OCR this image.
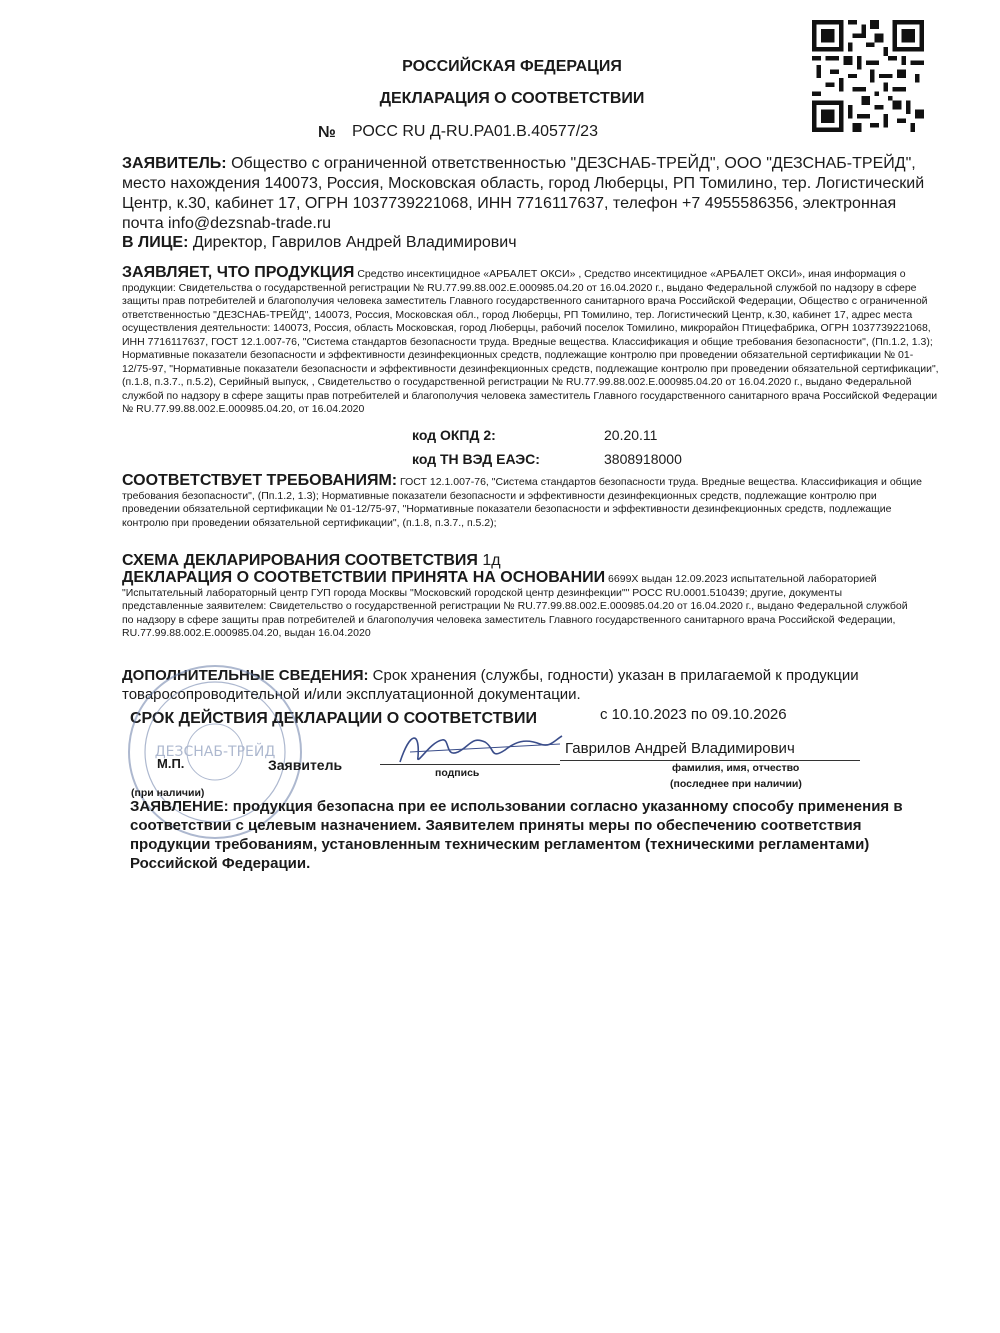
РОССИЙСКАЯ ФЕДЕРАЦИЯ
ДЕКЛАРАЦИЯ О СООТВЕТСТВИИ
№ РОСС RU Д-RU.РА01.В.40577/23
ЗАЯВИТЕЛЬ: Общество с ограниченной ответственностью "ДЕЗСНАБ-ТРЕЙД", ООО "ДЕЗСНАБ-ТРЕЙД", место нахождения 140073, Россия, Московская область, город Люберцы, РП Томилино, тер. Логистический Центр, к.30, кабинет 17, ОГРН 1037739221068, ИНН 7716117637, телефон +7 4955586356, электронная почта info@dezsnab-trade.ru
В ЛИЦЕ: Директор, Гаврилов Андрей Владимирович
ЗАЯВЛЯЕТ, ЧТО ПРОДУКЦИЯ Средство инсектицидное «АРБАЛЕТ ОКСИ» , Средство инсектицидное «АРБАЛЕТ ОКСИ», иная информация о продукции: Свидетельства о государственной регистрации № RU.77.99.88.002.Е.000985.04.20 от 16.04.2020 г., выдано Федеральной службой по надзору в сфере защиты прав потребителей и благополучия человека заместитель Главного государственного санитарного врача Российской Федерации, Общество с ограниченной ответственностью "ДЕЗСНАБ-ТРЕЙД", 140073, Россия, Московская обл., город Люберцы, РП Томилино, тер. Логистический Центр, к.30, кабинет 17, адрес места осуществления деятельности: 140073, Россия, область Московская, город Люберцы, рабочий поселок Томилино, микрорайон Птицефабрика, ОГРН 1037739221068, ИНН 7716117637, ГОСТ 12.1.007-76, "Система стандартов безопасности труда. Вредные вещества. Классификация и общие требования безопасности", (Пп.1.2, 1.3); Нормативные показатели безопасности и эффективности дезинфекционных средств, подлежащие контролю при проведении обязательной сертификации № 01-12/75-97, "Нормативные показатели безопасности и эффективности дезинфекционных средств, подлежащие контролю при проведении обязательной сертификации", (п.1.8, п.3.7., п.5.2), Серийный выпуск, , Свидетельство о государственной регистрации № RU.77.99.88.002.Е.000985.04.20 от 16.04.2020 г., выдано Федеральной службой по надзору в сфере защиты прав потребителей и благополучия человека заместитель Главного государственного санитарного врача Российской Федерации № RU.77.99.88.002.Е.000985.04.20, от 16.04.2020
код ОКПД 2:	20.20.11
код ТН ВЭД ЕАЭС:	3808918000
СООТВЕТСТВУЕТ ТРЕБОВАНИЯМ: ГОСТ 12.1.007-76, "Система стандартов безопасности труда. Вредные вещества. Классификация и общие требования безопасности", (Пп.1.2, 1.3); Нормативные показатели безопасности и эффективности дезинфекционных средств, подлежащие контролю при проведении обязательной сертификации № 01-12/75-97, "Нормативные показатели безопасности и эффективности дезинфекционных средств, подлежащие контролю при проведении обязательной сертификации", (п.1.8, п.3.7., п.5.2);
СХЕМА ДЕКЛАРИРОВАНИЯ СООТВЕТСТВИЯ 1д
ДЕКЛАРАЦИЯ О СООТВЕТСТВИИ ПРИНЯТА НА ОСНОВАНИИ 6699Х выдан 12.09.2023 испытательной лабораторией "Испытательный лабораторный центр ГУП города Москвы "Московский городской центр дезинфекции"" РОСС RU.0001.510439; другие, документы представленные заявителем: Свидетельство о государственной регистрации № RU.77.99.88.002.Е.000985.04.20 от 16.04.2020 г., выдано Федеральной службой по надзору в сфере защиты прав потребителей и благополучия человека заместитель Главного государственного санитарного врача Российской Федерации, RU.77.99.88.002.Е.000985.04.20, выдан 16.04.2020
ДОПОЛНИТЕЛЬНЫЕ СВЕДЕНИЯ: Срок хранения (службы, годности) указан в прилагаемой к продукции товаросопроводительной и/или эксплуатационной документации.
СРОК ДЕЙСТВИЯ ДЕКЛАРАЦИИ О СООТВЕТСТВИИ	с 10.10.2023 по 09.10.2026
ДЕЗСНАБ-ТРЕЙД
М.П.	Заявитель
Гаврилов Андрей Владимирович
подпись	фамилия, имя, отчество
(последнее при наличии)
(при наличии)
ЗАЯВЛЕНИЕ: продукция безопасна при ее использовании согласно указанному способу применения в соответствии с целевым назначением. Заявителем приняты меры по обеспечению соответствия продукции требованиям, установленным техническим регламентом (техническими регламентами) Российской Федерации.
